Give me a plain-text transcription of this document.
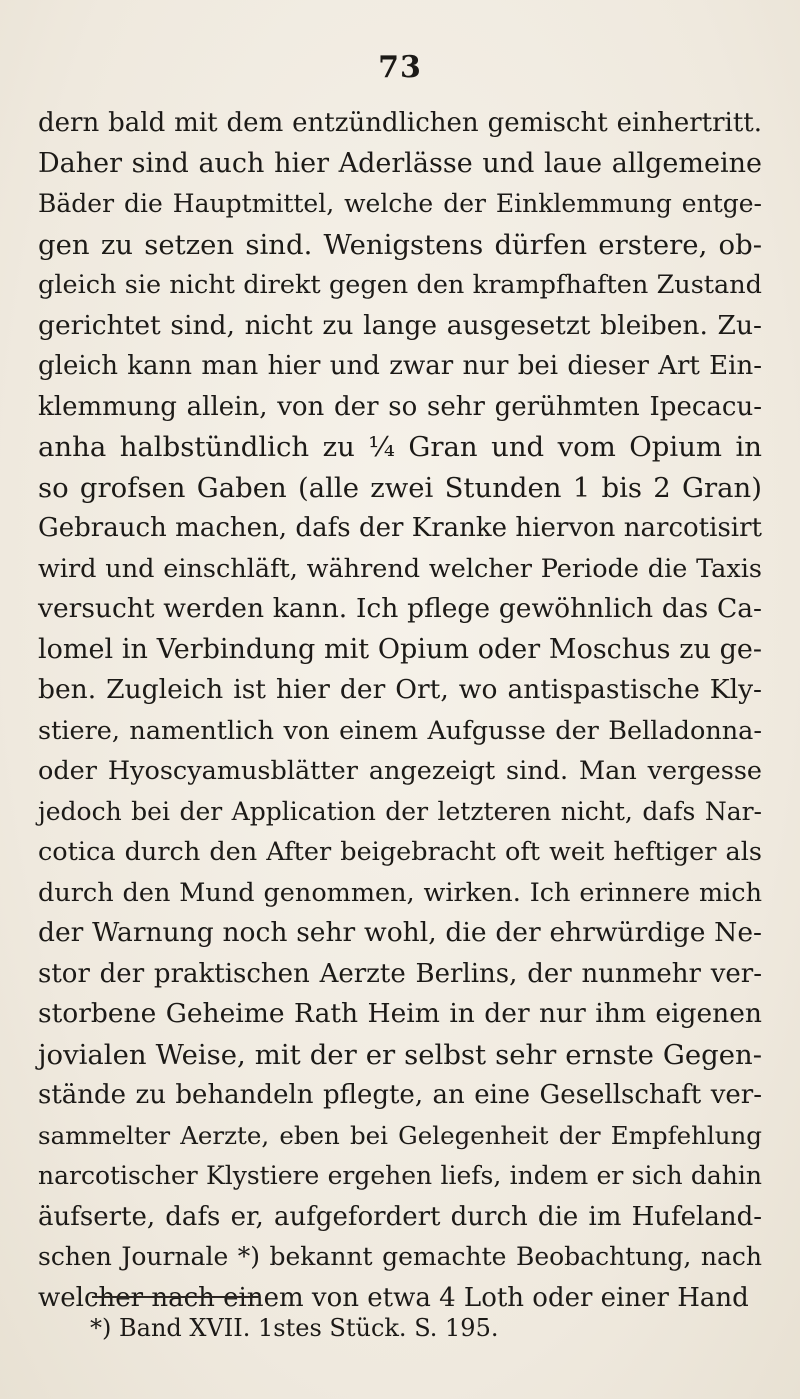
73
dern bald mit dem entzündlichen gemischt einhertritt.
Daher sind auch hier Aderlässe und laue allgemeine
Bäder die Hauptmittel, welche der Einklemmung entge-
gen zu setzen sind. Wenigstens dürfen erstere, ob-
gleich sie nicht direkt gegen den krampfhaften Zustand
gerichtet sind, nicht zu lange ausgesetzt bleiben. Zu-
gleich kann man hier und zwar nur bei dieser Art Ein-
klemmung allein, von der so sehr gerühmten Ipecacu-
anha halbstündlich zu ¼ Gran und vom Opium in
so grofsen Gaben (alle zwei Stunden 1 bis 2 Gran)
Gebrauch machen, dafs der Kranke hiervon narcotisirt
wird und einschläft, während welcher Periode die Taxis
versucht werden kann. Ich pflege gewöhnlich das Ca-
lomel in Verbindung mit Opium oder Moschus zu ge-
ben. Zugleich ist hier der Ort, wo antispastische Kly-
stiere, namentlich von einem Aufgusse der Belladonna-
oder Hyoscyamusblätter angezeigt sind. Man vergesse
jedoch bei der Application der letzteren nicht, dafs Nar-
cotica durch den After beigebracht oft weit heftiger als
durch den Mund genommen, wirken. Ich erinnere mich
der Warnung noch sehr wohl, die der ehrwürdige Ne-
stor der praktischen Aerzte Berlins, der nunmehr ver-
storbene Geheime Rath Heim in der nur ihm eigenen
jovialen Weise, mit der er selbst sehr ernste Gegen-
stände zu behandeln pflegte, an eine Gesellschaft ver-
sammelter Aerzte, eben bei Gelegenheit der Empfehlung
narcotischer Klystiere ergehen liefs, indem er sich dahin
äufserte, dafs er, aufgefordert durch die im Hufeland-
schen Journale *) bekannt gemachte Beobachtung, nach
welcher nach einem von etwa 4 Loth oder einer Hand
*) Band XVII. 1stes Stück. S. 195.
